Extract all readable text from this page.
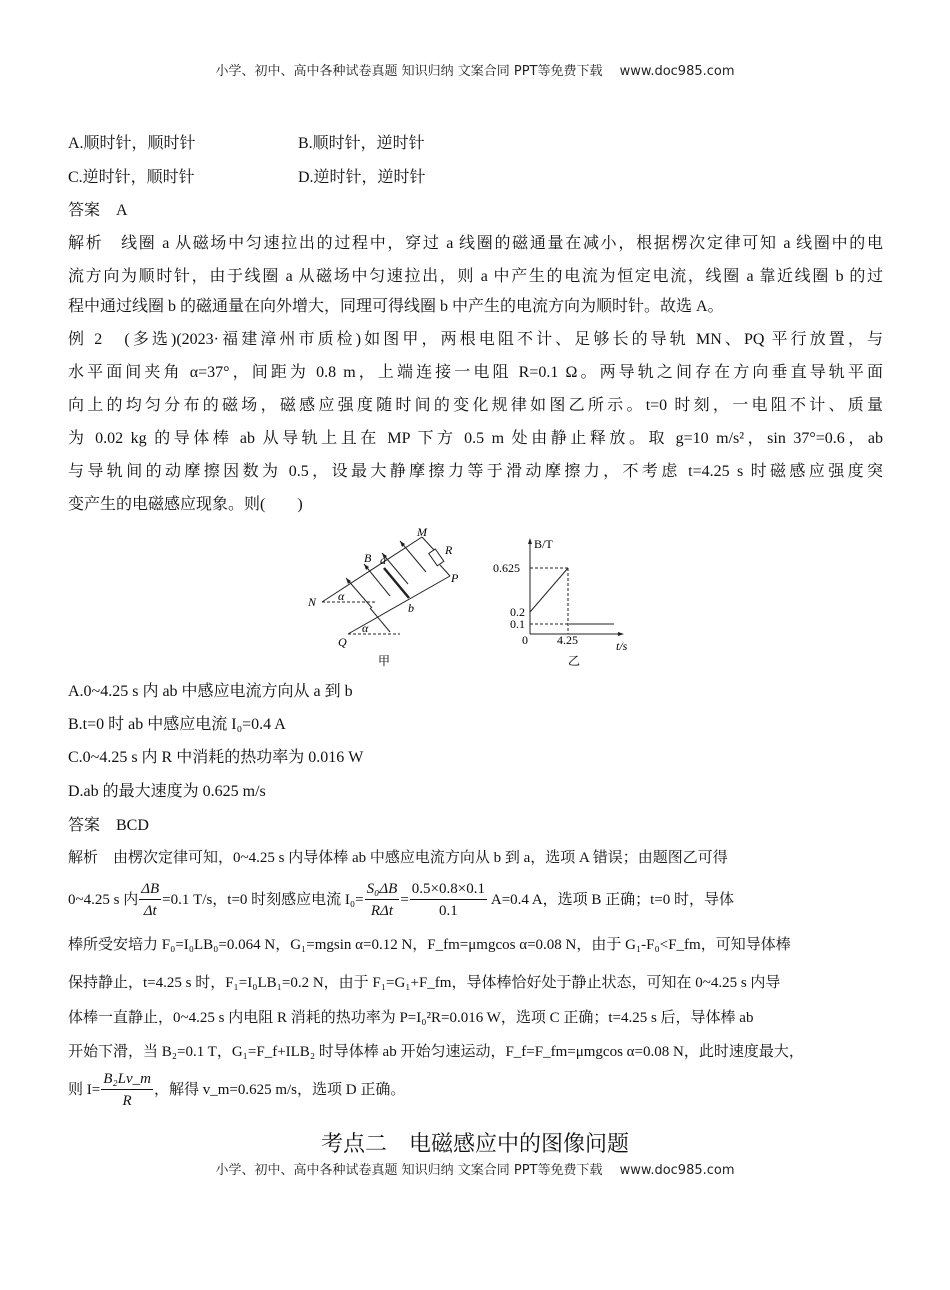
小学、初中、高中各种试卷真题 知识归纳 文案合同 PPT等免费下载　 www.doc985.com
A.顺时针，顺时针	B.顺时针，逆时针
C.逆时针，顺时针	D.逆时针，逆时针
答案　A
解析　线圈 a 从磁场中匀速拉出的过程中，穿过 a 线圈的磁通量在减小，根据楞次定律可知 a 线圈中的电
流方向为顺时针，由于线圈 a 从磁场中匀速拉出，则 a 中产生的电流为恒定电流，线圈 a 靠近线圈 b 的过
程中通过线圈 b 的磁通量在向外增大，同理可得线圈 b 中产生的电流方向为顺时针。故选 A。
例 2　(多选)(2023·福建漳州市质检)如图甲，两根电阻不计、足够长的导轨 MN、PQ 平行放置，与
水平面间夹角 α=37°，间距为 0.8 m，上端连接一电阻 R=0.1 Ω。两导轨之间存在方向垂直导轨平面
向上的均匀分布的磁场，磁感应强度随时间的变化规律如图乙所示。t=0 时刻，一电阻不计、质量
为 0.02 kg 的导体棒 ab 从导轨上且在 MP 下方 0.5 m 处由静止释放。取 g=10 m/s²，sin 37°=0.6，ab
与导轨间的动摩擦因数为 0.5，设最大静摩擦力等于滑动摩擦力，不考虑 t=4.25 s 时磁感应强度突
变产生的电磁感应现象。则(　　)
M
R
B a
P
N α
α
b
Q
甲
B/T
0.625
0.2
0.1
0 4.25	t/s
乙
A.0~4.25 s 内 ab 中感应电流方向从 a 到 b
B.t=0 时 ab 中感应电流 I₀=0.4 A
C.0~4.25 s 内 R 中消耗的热功率为 0.016 W
D.ab 的最大速度为 0.625 m/s
答案　BCD
解析　由楞次定律可知，0~4.25 s 内导体棒 ab 中感应电流方向从 b 到 a，选项 A 错误；由题图乙可得
0~4.25 s 内 $\frac{\Delta B}{\Delta t} =0.1$ T/s，t=0 时刻感应电流 $I_0= \frac{\text{S₀ΔB}}{\text{RΔt}} = \frac{0.5\times 0.8\times 0.1}{0.1} A=0.4$ A，选项 B 正确；t=0 时，导体
棒所受安培力 F₀=I₀LB₀=0.064 N，G₁=mgsin α=0.12 N，F_fm=μmgcos α=0.08 N，由于 G₁-F₀<F_fm，可知导体棒
保持静止，t=4.25 s 时，F₁=I₀LB₁=0.2 N，由于 F₁=G₁+F_fm，导体棒恰好处于静止状态，可知在 0~4.25 s 内导
体棒一直静止，0~4.25 s 内电阻 R 消耗的热功率为 P=I₀²R=0.016 W，选项 C 正确；t=4.25 s 后，导体棒 ab
开始下滑，当 B₂=0.1 T，G₁=F_f+ILB₂ 时导体棒 ab 开始匀速运动，F_f=F_fm=μmgcos α=0.08 N，此时速度最大，
则 $I= \frac{\text{B₂Lv\_m}}{R}$ ，解得 v_m=0.625 m/s，选项 D 正确。
考点二　电磁感应中的图像问题
小学、初中、高中各种试卷真题 知识归纳 文案合同 PPT等免费下载　 www.doc985.com
